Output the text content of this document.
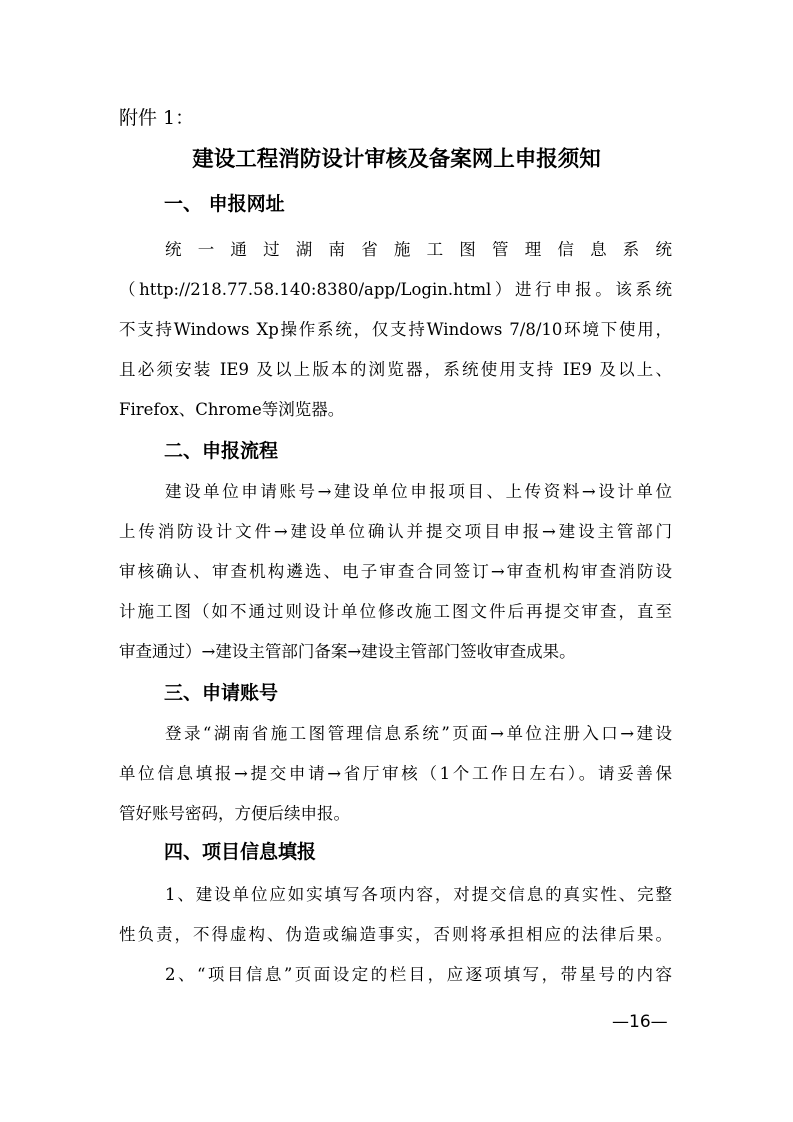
附件 1：

建设工程消防设计审核及备案网上申报须知
一、 申报网址

统 一 通 过 湖 南 省 施 工 图 管 理 信 息 系 统

（http://218.77.58.140:8380/app/Login.html）进行申报。该系统

不支持Windows Xp操作系统，仅支持Windows 7/8/10环境下使用，

且必须安装 IE9 及以上版本的浏览器，系统使用支持 IE9 及以上、

Firefox、Chrome等浏览器。

二、申报流程

建设单位申请账号→建设单位申报项目、上传资料→设计单位

上传消防设计文件→建设单位确认并提交项目申报→建设主管部门

审核确认、审查机构遴选、电子审查合同签订→审查机构审查消防设

计施工图（如不通过则设计单位修改施工图文件后再提交审查，直至

审查通过）→建设主管部门备案→建设主管部门签收审查成果。

三、申请账号

登录“湖南省施工图管理信息系统”页面→单位注册入口→建设

单位信息填报→提交申请→省厅审核（1个工作日左右）。请妥善保

管好账号密码，方便后续申报。

四、项目信息填报

1、建设单位应如实填写各项内容，对提交信息的真实性、完整

性负责，不得虚构、伪造或编造事实，否则将承担相应的法律后果。

2、“项目信息”页面设定的栏目，应逐项填写，带星号的内容

—16—
